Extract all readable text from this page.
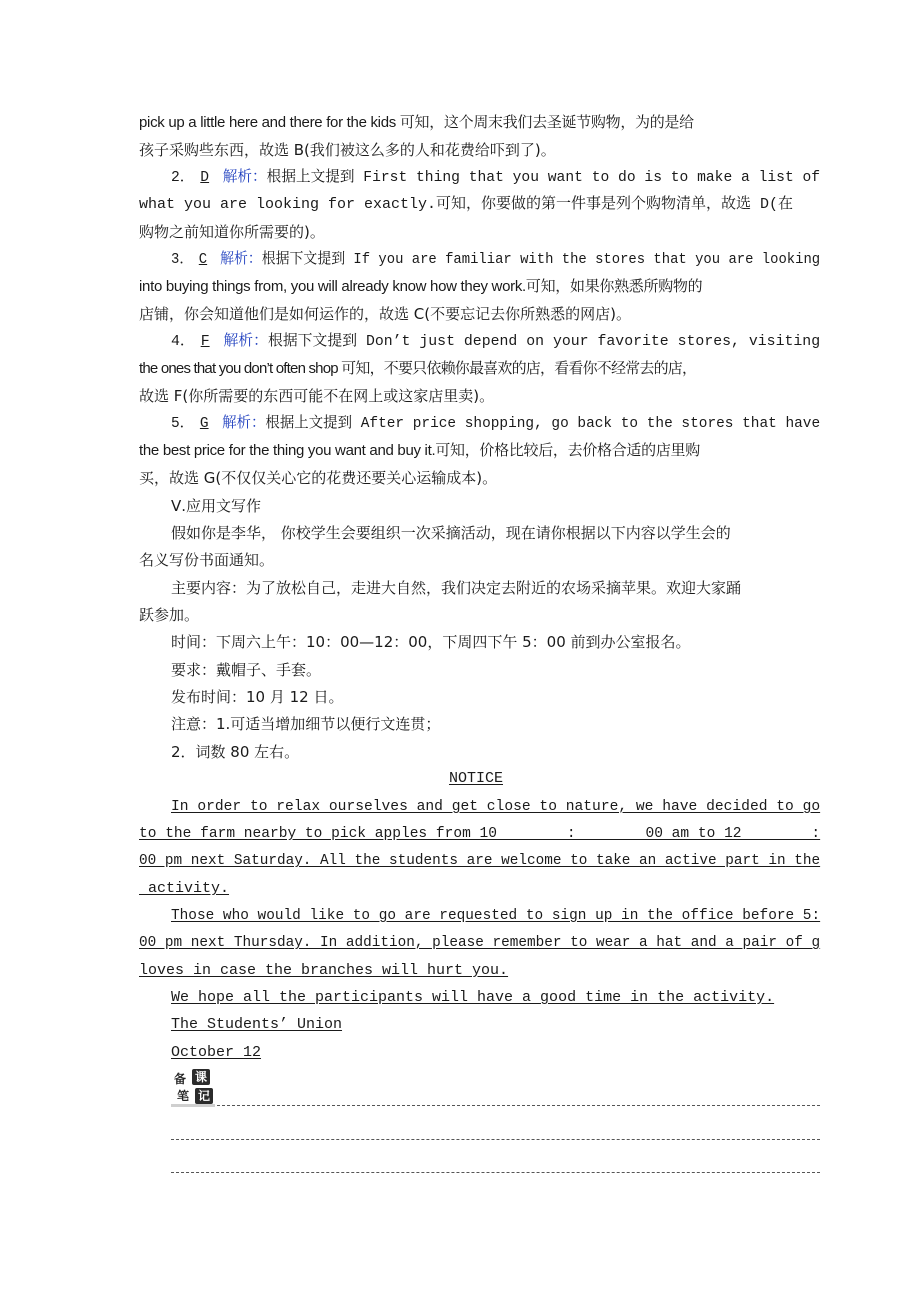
pick up a little here and there for the kids 可知，这个周末我们去圣诞节购物，为的是给
孩子采购些东西，故选 B(我们被这么多的人和花费给吓到了)。
2． D 解析：根据上文提到 First thing that you want to do is to make a list of
what you are looking for exactly.可知，你要做的第一件事是列个购物清单，故选 D(在
购物之前知道你所需要的)。
3． C 解析：根据下文提到 If you are familiar with the stores that you are looking
into buying things from, you will already know how they work.可知，如果你熟悉所购物的
店铺，你会知道他们是如何运作的，故选 C(不要忘记去你所熟悉的网店)。
4． F 解析：根据下文提到 Don’t just depend on your favorite stores, visiting
the ones that you don’t often shop 可知，不要只依赖你最喜欢的店，看看你不经常去的店，
故选 F(你所需要的东西可能不在网上或这家店里卖)。
5． G 解析：根据上文提到 After price shopping, go back to the stores that have
the best price for the thing you want and buy it.可知，价格比较后，去价格合适的店里购
买，故选 G(不仅仅关心它的花费还要关心运输成本)。
Ⅴ.应用文写作
假如你是李华， 你校学生会要组织一次采摘活动，现在请你根据以下内容以学生会的
名义写份书面通知。
主要内容：为了放松自己，走进大自然，我们决定去附近的农场采摘苹果。欢迎大家踊
跃参加。
时间：下周六上午：10：00—12：00，下周四下午 5：00 前到办公室报名。
要求：戴帽子、手套。
发布时间：10 月 12 日。
注意：1.可适当增加细节以便行文连贯；
2．词数 80 左右。
NOTICE
In order to relax ourselves and get close to nature, we have decided to go
to the farm nearby to pick apples from 10        :        00 am to 12        :
00 pm next Saturday. All the students are welcome to take an active part in the
activity.
Those who would like to go are requested to sign up in the office before 5:
00 pm next Thursday. In addition, please remember to wear a hat and a pair of g
loves in case the branches will hurt you.
We hope all the participants will have a good time in the activity.
The Students’ Union
October 12
备 课
笔 记
